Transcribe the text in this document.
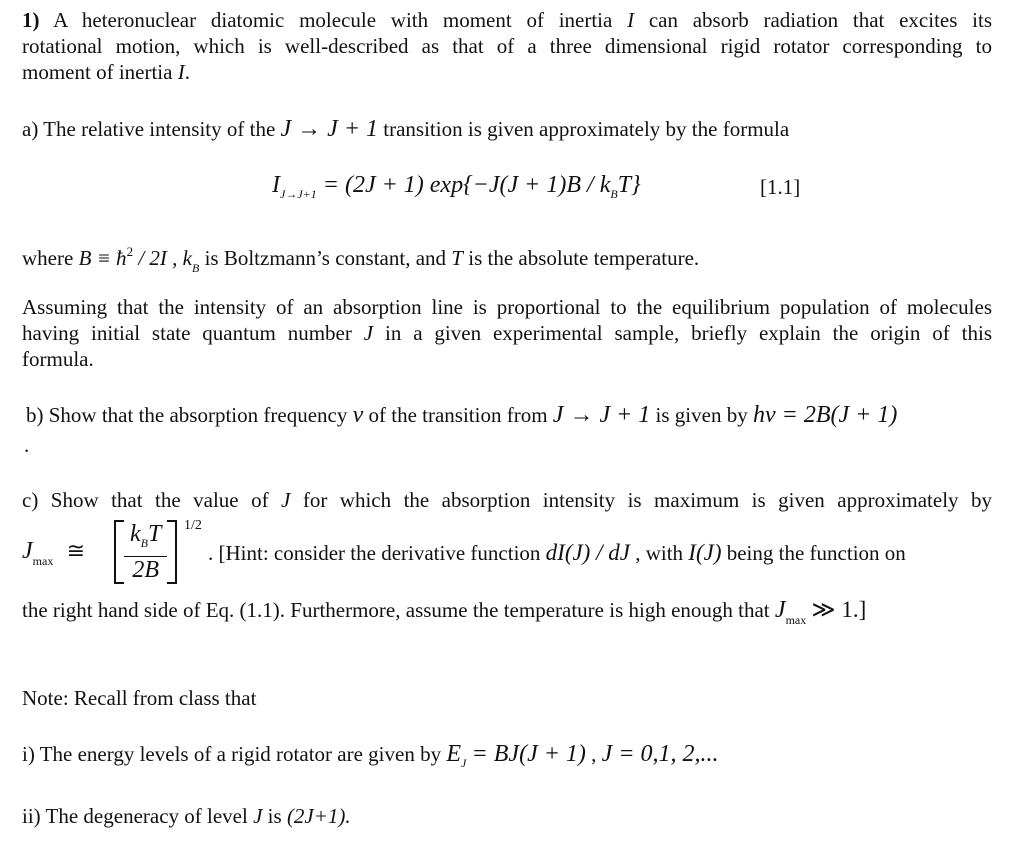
1) A heteronuclear diatomic molecule with moment of inertia I can absorb radiation that excites its
rotational motion, which is well-described as that of a three dimensional rigid rotator corresponding to
moment of inertia I.
a) The relative intensity of the J → J + 1 transition is given approximately by the formula
$I_{J\to J+1} = (2J + 1) \exp\{-J(J + 1)B / k_BT\}$	[1.1]
where $B \equiv ħ^2 / 2I$ , $k_B$ is Boltzmann’s constant, and T is the absolute temperature.
Assuming that the intensity of an absorption line is proportional to the equilibrium population of molecules
having initial state quantum number J in a given experimental sample, briefly explain the origin of this
formula.
b) Show that the absorption frequency ν of the transition from J → J + 1 is given by hν = 2B(J + 1)
.
c) Show that the value of J for which the absorption intensity is maximum is given approximately by
$J_{max}$ ≅ $\frac{k_BT}{2B} 1/2$
. [Hint: consider the derivative function dI(J) / dJ , with I(J) being the function on
the right hand side of Eq. (1.1). Furthermore, assume the temperature is high enough that $J_{max}$ ≫ 1.]
Note: Recall from class that
i) The energy levels of a rigid rotator are given by $E_J = BJ(J + 1)$ , J = 0,1, 2,...
ii) The degeneracy of level J is (2J+1).
